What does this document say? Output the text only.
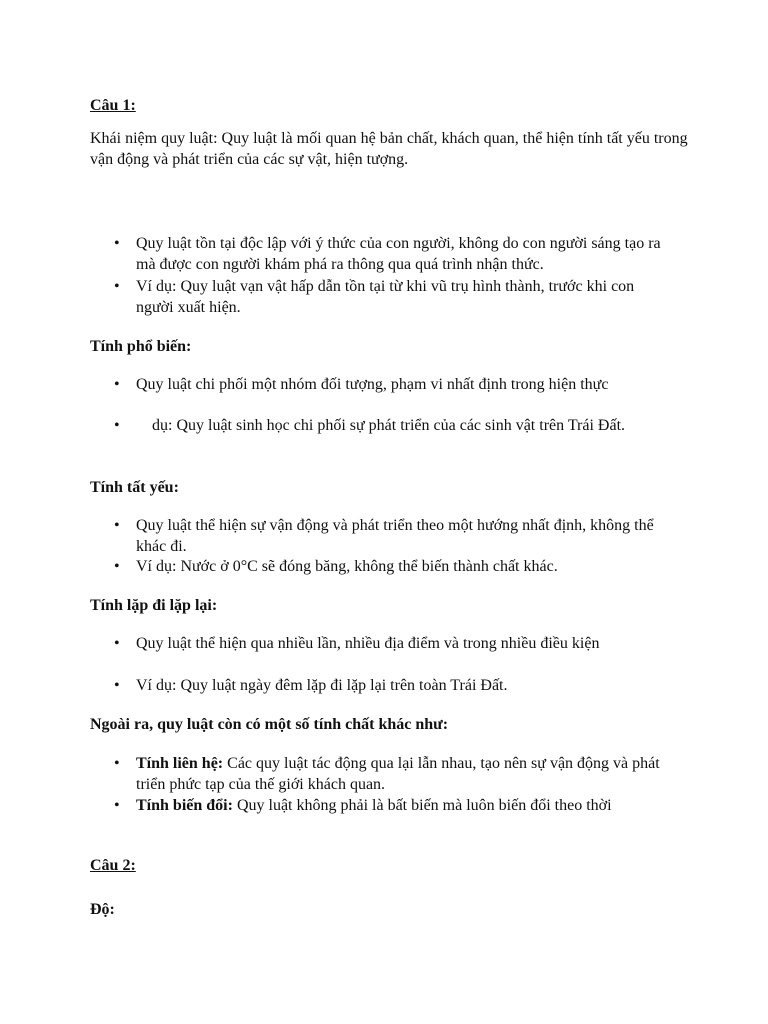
Câu 1:

Khái niệm quy luật: Quy luật là mối quan hệ bản chất, khách quan, thể hiện tính tất yếu trong vận động và phát triển của các sự vật, hiện tượng.

• Quy luật tồn tại độc lập với ý thức của con người, không do con người sáng tạo ra mà được con người khám phá ra thông qua quá trình nhận thức.

• Ví dụ: Quy luật vạn vật hấp dẫn tồn tại từ khi vũ trụ hình thành, trước khi con người xuất hiện.

Tính phổ biến:

• Quy luật chi phối một nhóm đối tượng, phạm vi nhất định trong hiện thực

• dụ: Quy luật sinh học chi phối sự phát triển của các sinh vật trên Trái Đất.

Tính tất yếu:

• Quy luật thể hiện sự vận động và phát triển theo một hướng nhất định, không thể khác đi.

• Ví dụ: Nước ở 0°C sẽ đóng băng, không thể biến thành chất khác.

Tính lặp đi lặp lại:

• Quy luật thể hiện qua nhiều lần, nhiều địa điểm và trong nhiều điều kiện

• Ví dụ: Quy luật ngày đêm lặp đi lặp lại trên toàn Trái Đất.

Ngoài ra, quy luật còn có một số tính chất khác như:

• Tính liên hệ: Các quy luật tác động qua lại lẫn nhau, tạo nên sự vận động và phát triển phức tạp của thế giới khách quan.

• Tính biến đổi: Quy luật không phải là bất biến mà luôn biến đổi theo thời

Câu 2:

Độ:
